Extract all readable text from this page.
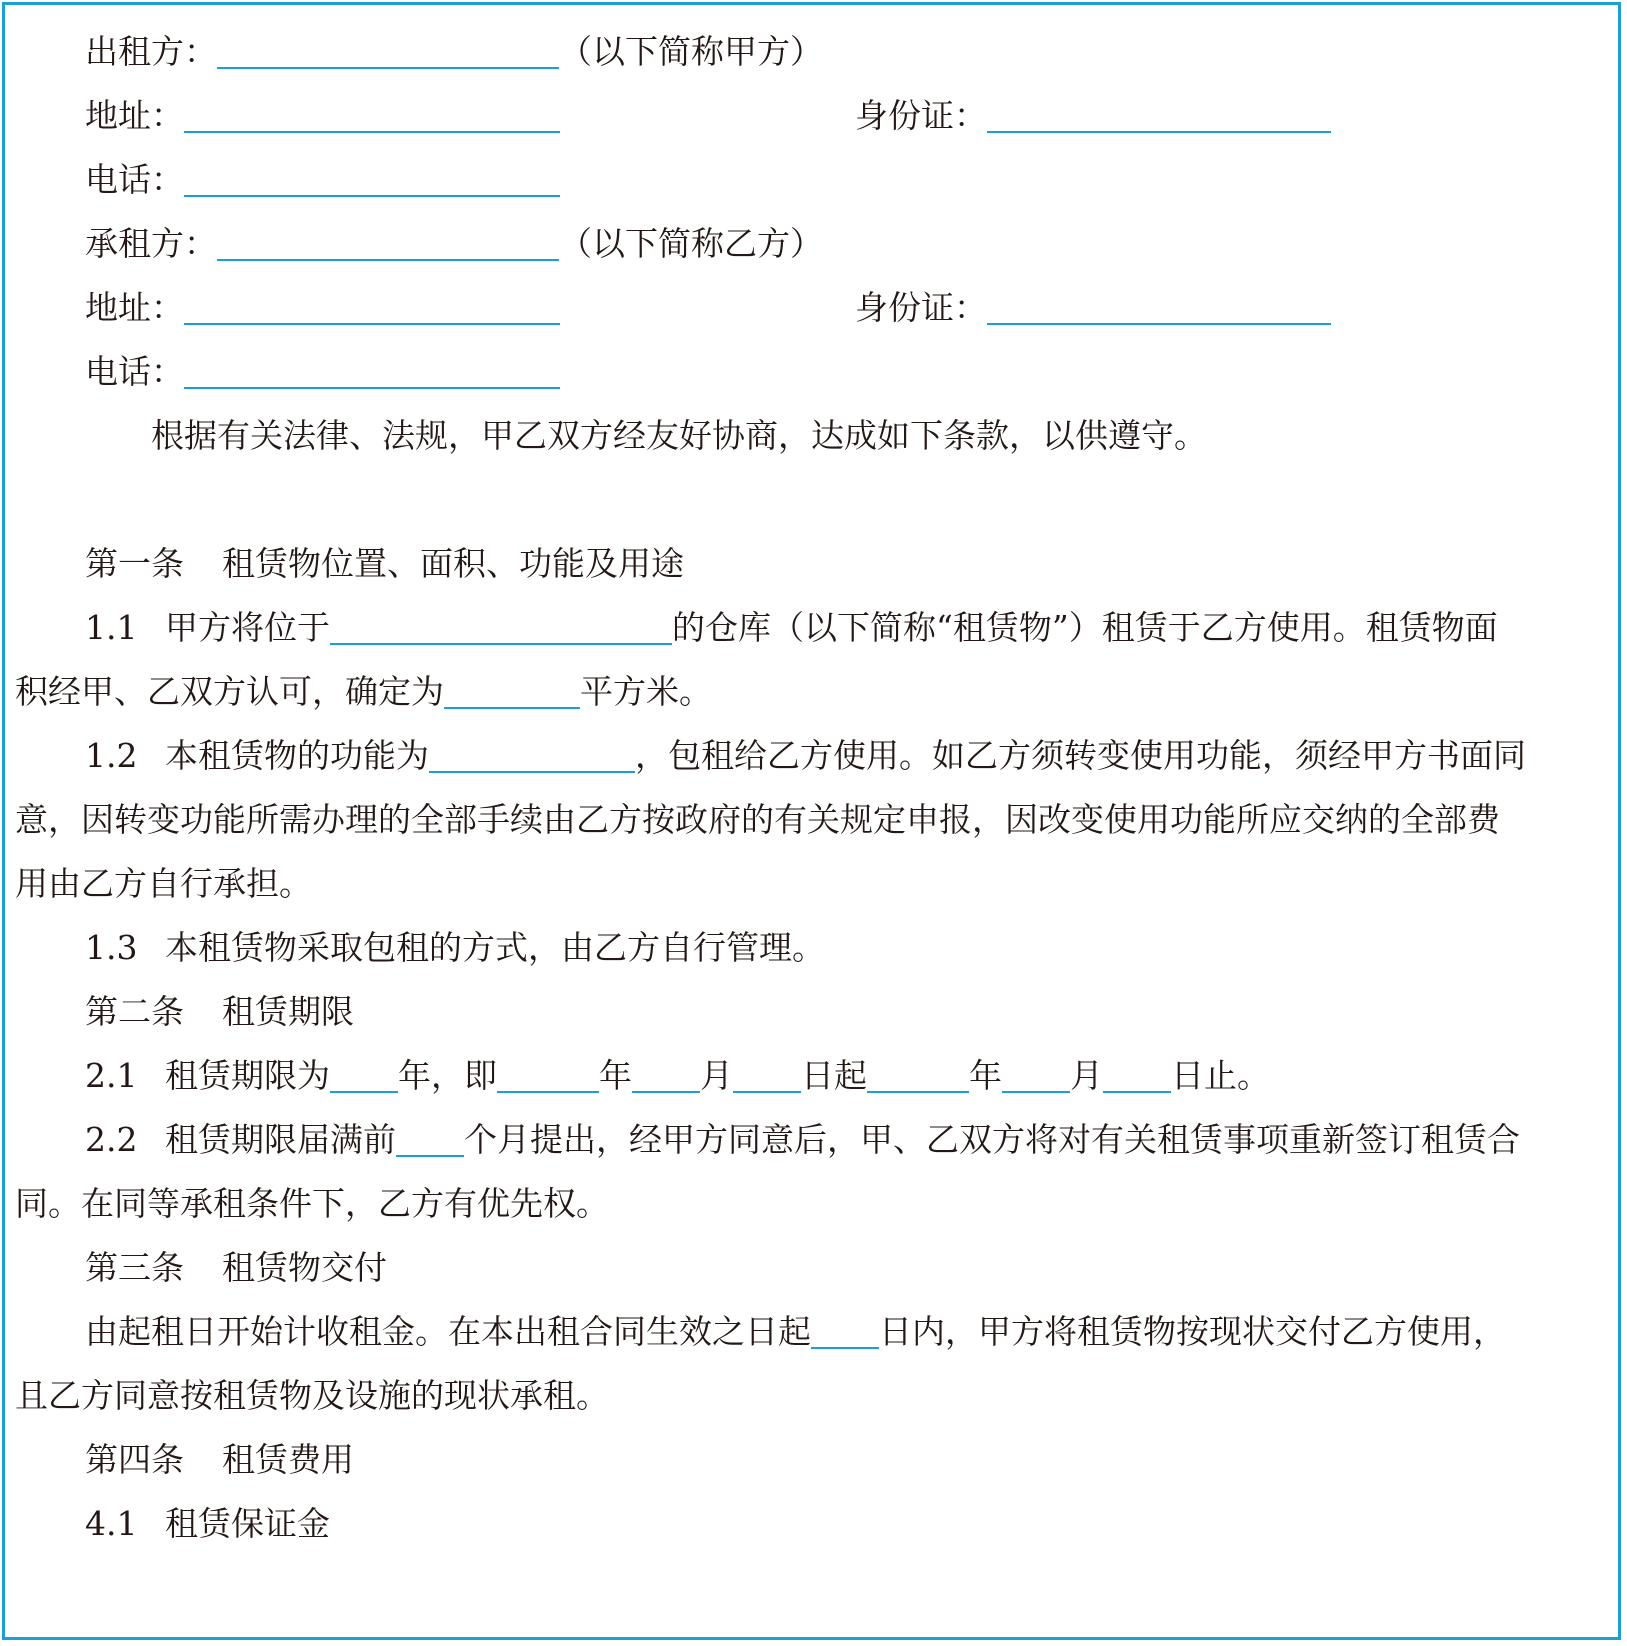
出租方：	（以下简称甲方）
地址：	身份证：
电话：
承租方：	（以下简称乙方）
地址：	身份证：
电话：
根据有关法律、法规，甲乙双方经友好协商，达成如下条款，以供遵守。
第一条 租赁物位置、面积、功能及用途
1.1 甲方将位于	的仓库（以下简称“租赁物”）租赁于乙方使用。租赁物面
积经甲、乙双方认可，确定为	平方米。
1.2 本租赁物的功能为	，包租给乙方使用。如乙方须转变使用功能，须经甲方书面同
意，因转变功能所需办理的全部手续由乙方按政府的有关规定申报，因改变使用功能所应交纳的全部费
用由乙方自行承担。
1.3 本租赁物采取包租的方式，由乙方自行管理。
第二条 租赁期限
2.1 租赁期限为 年，即	年 月 日起	年 月 日止。
2.2 租赁期限届满前 个月提出，经甲方同意后，甲、乙双方将对有关租赁事项重新签订租赁合
同。在同等承租条件下，乙方有优先权。
第三条 租赁物交付
由起租日开始计收租金。在本出租合同生效之日起 日内，甲方将租赁物按现状交付乙方使用，
且乙方同意按租赁物及设施的现状承租。
第四条 租赁费用
4.1 租赁保证金
